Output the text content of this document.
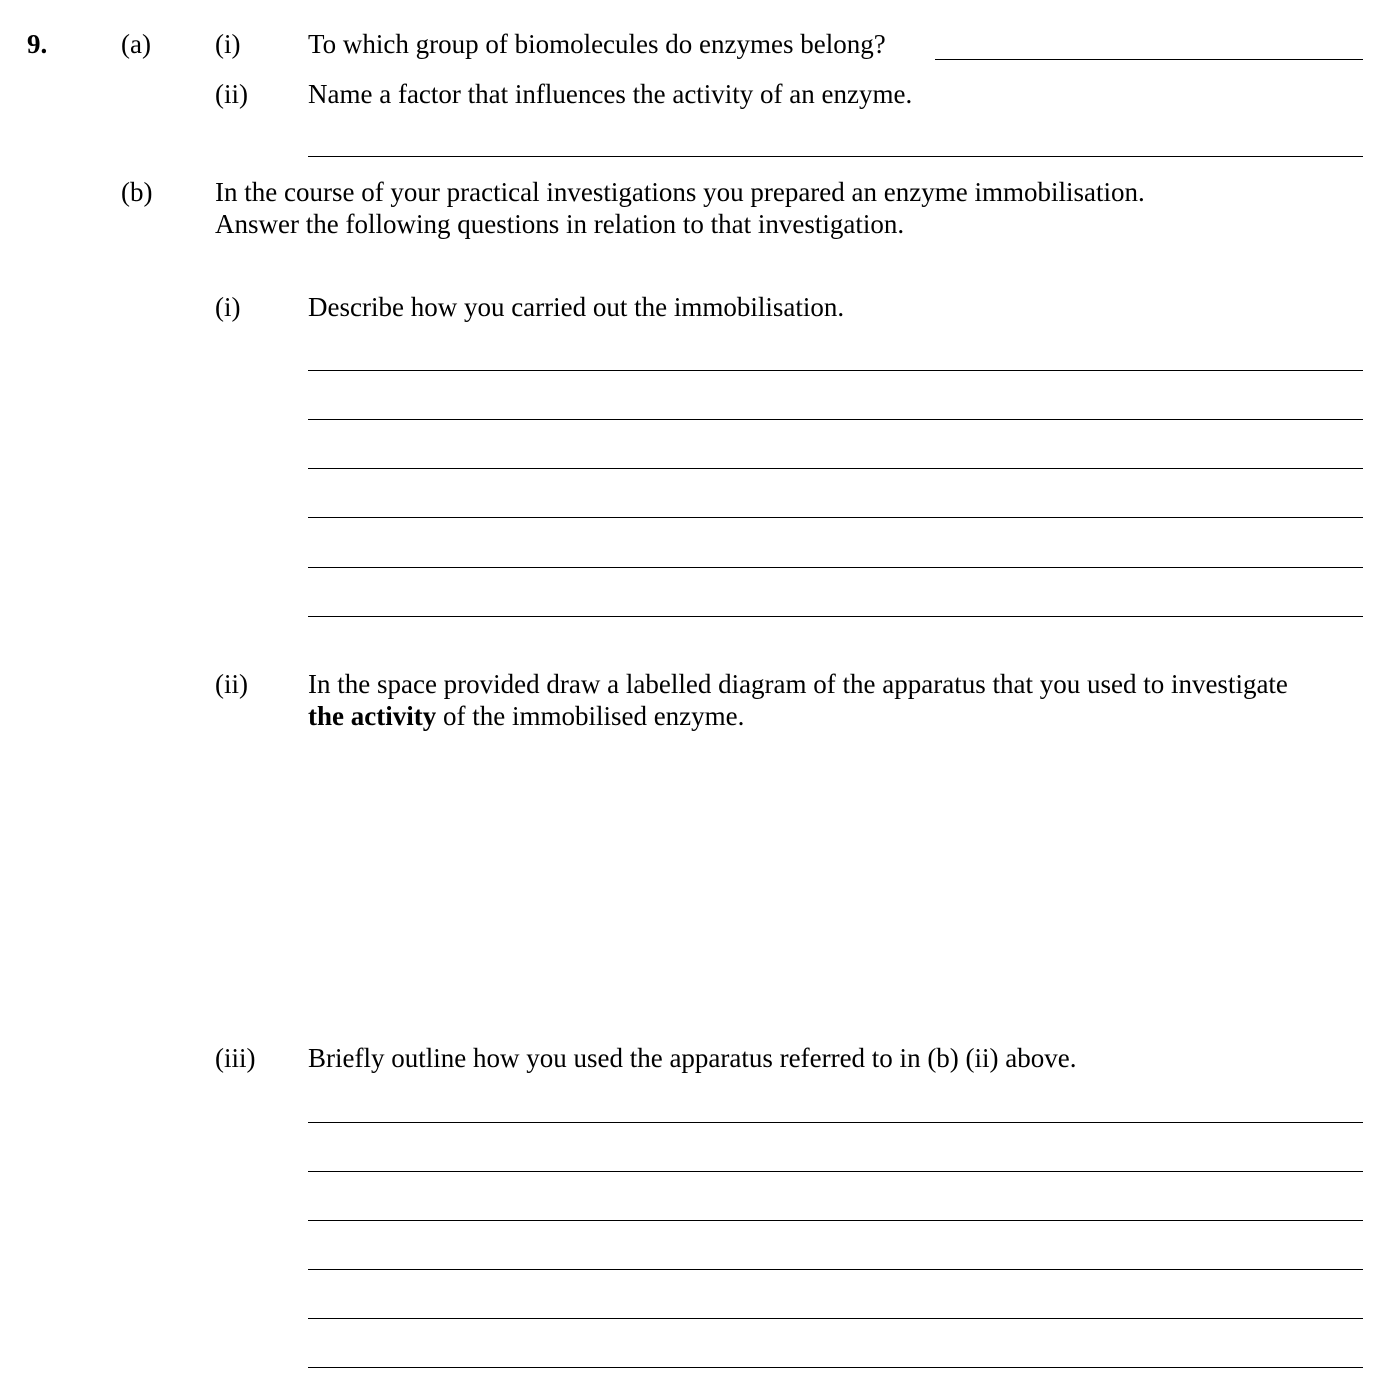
9.	(a) (i)	To which group of biomolecules do enzymes belong?
(ii) Name a factor that influences the activity of an enzyme.
(b) In the course of your practical investigations you prepared an enzyme immobilisation.
Answer the following questions in relation to that investigation.
(i)	Describe how you carried out the immobilisation.
(ii) In the space provided draw a labelled diagram of the apparatus that you used to investigate
the activity of the immobilised enzyme.
(iii) Briefly outline how you used the apparatus referred to in (b) (ii) above.
